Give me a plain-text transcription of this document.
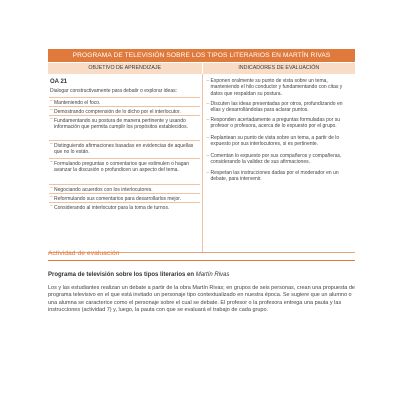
PROGRAMA DE TELEVISIÓN SOBRE LOS TIPOS LITERARIOS EN MARTÍN RIVAS
OBJETIVO DE APRENDIZAJE	INDICADORES DE EVALUACIÓN
OA 21
Dialogar constructivamente para debatir o explorar ideas:
– Manteniendo el foco.
– Demostrando comprensión de lo dicho por el interlocutor.
– Fundamentando su postura de manera pertinente y usando información que permita cumplir los propósitos establecidos.
– Distinguiendo afirmaciones basadas en evidencias de aquellas que no lo están.
– Formulando preguntas o comentarios que estimulen o hagan avanzar la discusión o profundicen un aspecto del tema.
– Negociando acuerdos con los interlocutores.
– Reformulando sus comentarios para desarrollarlos mejor.
– Considerando al interlocutor para la toma de turnos.
– Exponen oralmente su punto de vista sobre un tema, manteniendo el hilo conductor y fundamentando con citas y datos que respaldan su postura.
– Discuten las ideas presentadas por otros, profundizando en ellas y desarrollándolas para aclarar puntos.
– Responden acertadamente a preguntas formuladas por su profesor o profesora, acerca de lo expuesto por el grupo.
– Replantean su punto de vista sobre un tema, a partir de lo expuesto por sus interlocutores, si es pertinente.
– Comentan lo expuesto por sus compañeros y compañeras, considerando la validez de sus afirmaciones.
– Respetan las instrucciones dadas por el moderador en un debate, para intervenir.
Actividad de evaluación
Programa de televisión sobre los tipos literarios en Martín Rivas
Los y las estudiantes realizan un debate a partir de la obra Martín Rivas; en grupos de seis personas, crean una propuesta de programa televisivo en el que está invitado un personaje tipo contextualizado en nuestra época. Se sugiere que un alumno o una alumna se caracterice como el personaje sobre el cual se debate. El profesor o la profesora entrega una pauta y las instrucciones (actividad 7) y, luego, la pauta con que se evaluará el trabajo de cada grupo.
